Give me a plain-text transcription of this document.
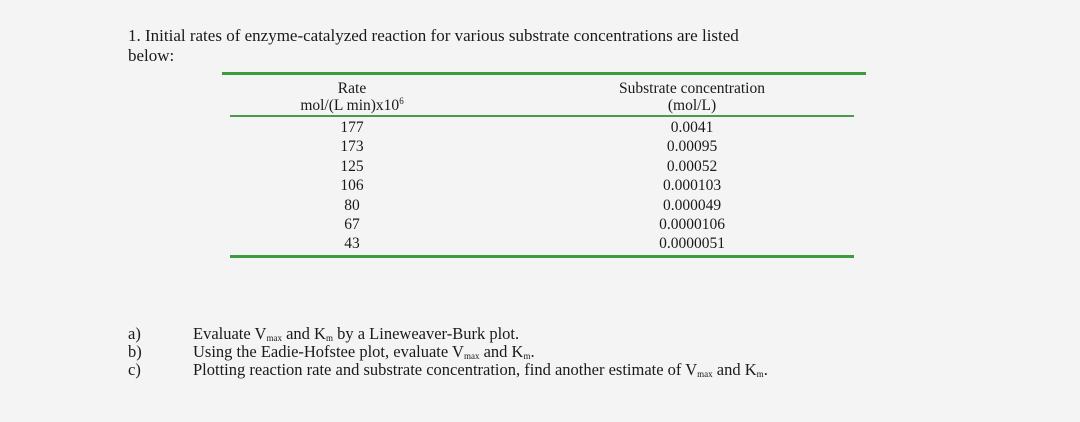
1. Initial rates of enzyme-catalyzed reaction for various substrate concentrations are listed
below:
Rate	Substrate concentration
mol/(L $\min)x10^6$	(mol/L)
177	0.0041
173	0.00095
125	0.00052
106	0.000103
80	0.000049
67	0.0000106
43	0.0000051
a)	Evaluate $V_{max}$ and $K_m$ by a Lineweaver-Burk plot.
b)	Using the Eadie-Hofstee plot, evaluate $V_{max}$ and $K_m$.
c)	Plotting reaction rate and substrate concentration, find another estimate of $V_{max}$ and $K_m$.
